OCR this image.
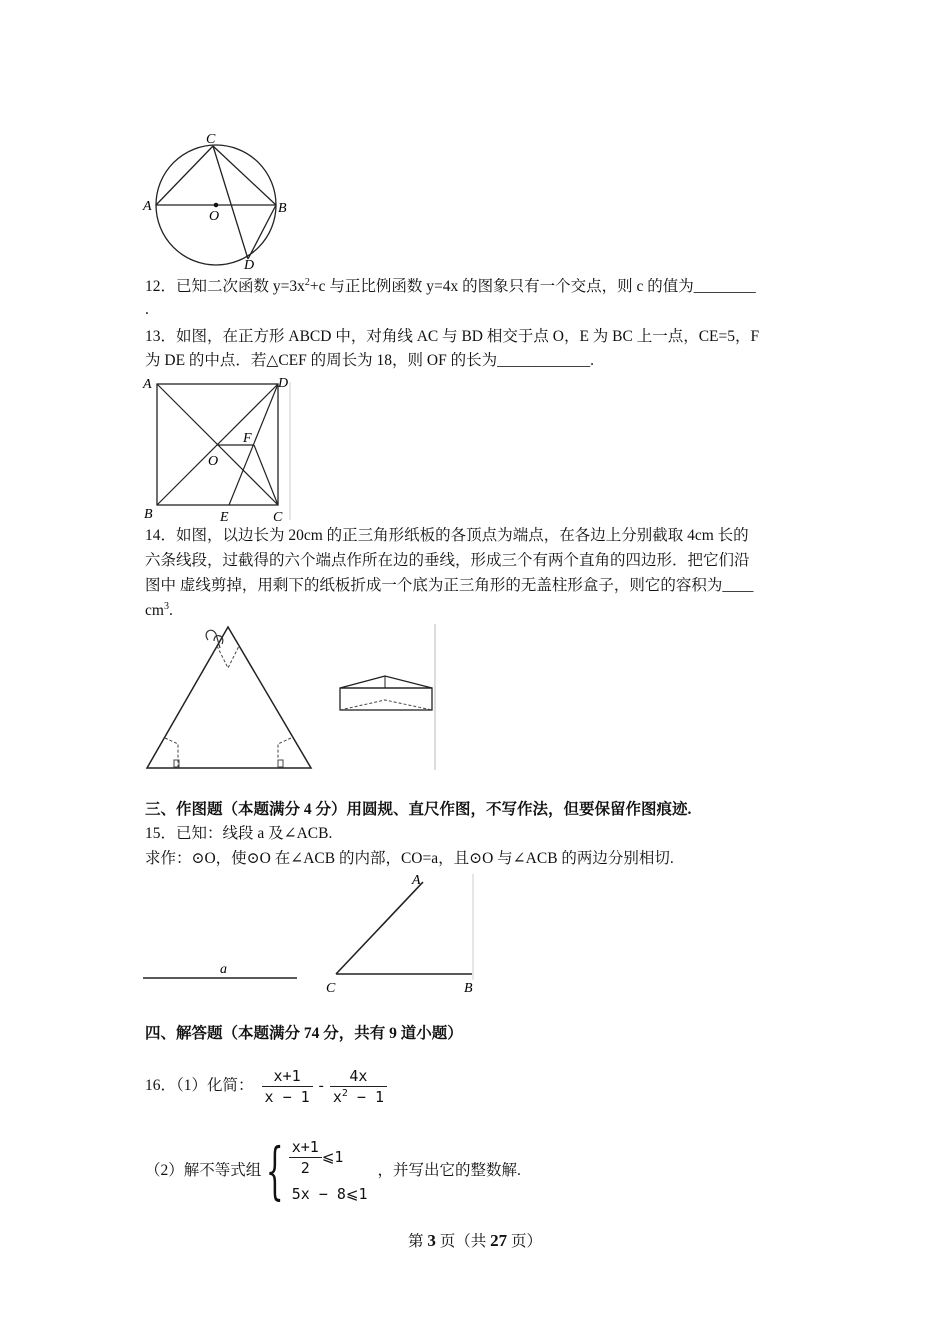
C
A
O
B
D
12．已知二次函数 $y=3x^2+c$ 与正比例函数 y=4x 的图象只有一个交点，则 c 的值为________
.
13．如图，在正方形 ABCD 中，对角线 AC 与 BD 相交于点 O，E 为 BC 上一点，CE=5，F
为 DE 的中点．若△CEF 的周长为 18，则 OF 的长为____________.
A	D
F
O
B	E	C
14．如图，以边长为 20cm 的正三角形纸板的各顶点为端点，在各边上分别截取 4cm 长的
六条线段，过截得的六个端点作所在边的垂线，形成三个有两个直角的四边形．把它们沿
图中 虚线剪掉，用剩下的纸板折成一个底为正三角形的无盖柱形盒子，则它的容积为____
$cm^3$.
三、作图题（本题满分 4 分）用圆规、直尺作图，不写作法，但要保留作图痕迹.
15．已知：线段 a 及∠ACB.
求作：⊙O，使⊙O 在∠ACB 的内部，CO=a，且⊙O 与∠ACB 的两边分别相切.
a
A
C	B
四、解答题（本题满分 74 分，共有 9 道小题）
16．（1）化简： $\frac{x+1}{x - 1} - \frac{4x}{x^2 - 1}$
（2）解不等式组 { $\frac{x+1}{2}$ ⩽1
5x − 8⩽1
，并写出它的整数解.
第 3 页（共 27 页）
